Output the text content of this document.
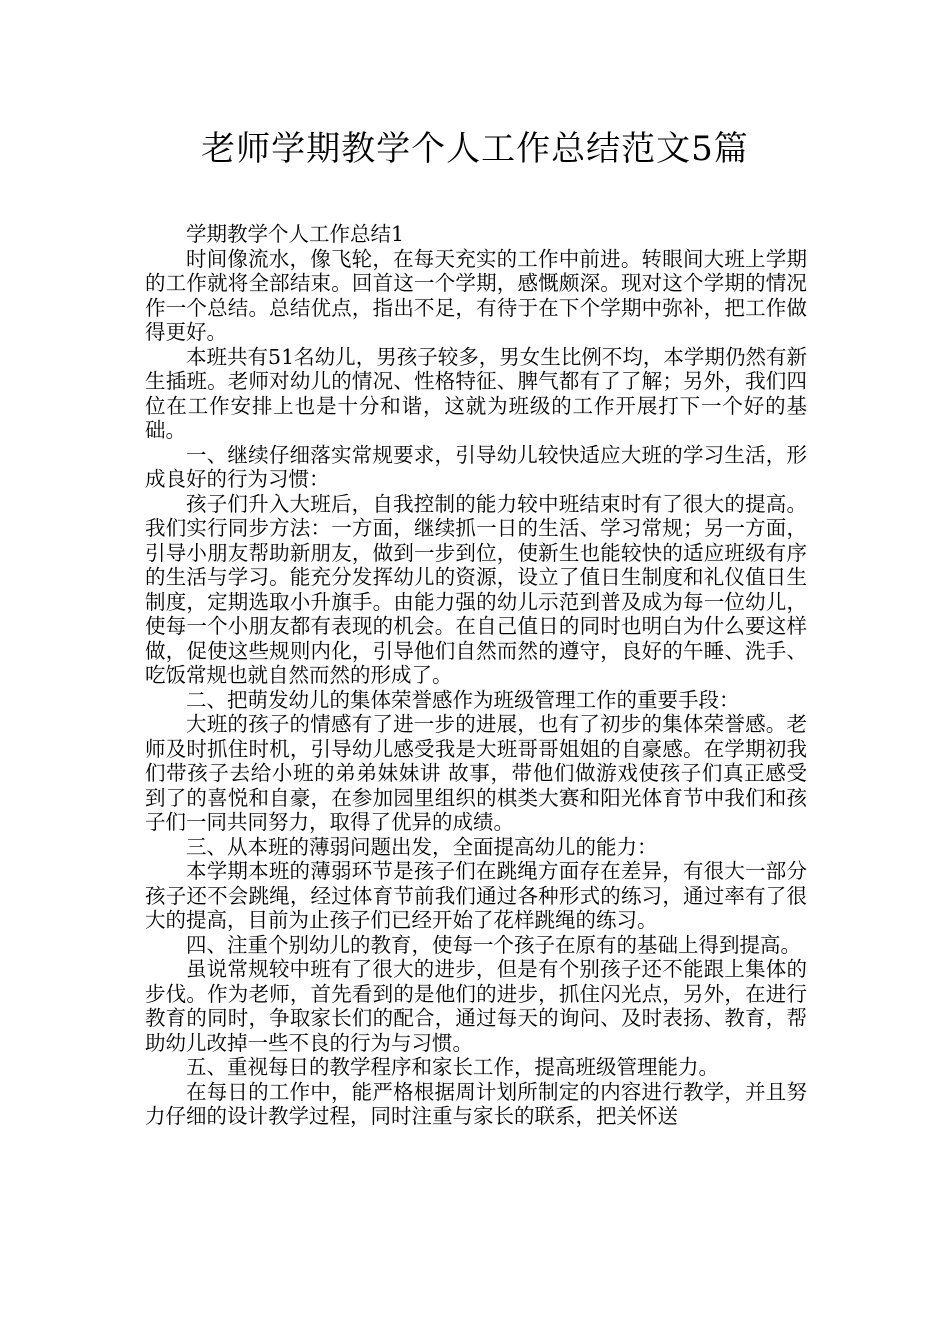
老师学期教学个人工作总结范文5篇

学期教学个人工作总结1

时间像流水，像飞轮，在每天充实的工作中前进。转眼间大班上学期的工作就将全部结束。回首这一个学期，感慨颇深。现对这个学期的情况作一个总结。总结优点，指出不足，有待于在下个学期中弥补，把工作做得更好。

本班共有51名幼儿，男孩子较多，男女生比例不均，本学期仍然有新生插班。老师对幼儿的情况、性格特征、脾气都有了了解；另外，我们四位在工作安排上也是十分和谐，这就为班级的工作开展打下一个好的基础。

一、继续仔细落实常规要求，引导幼儿较快适应大班的学习生活，形成良好的行为习惯：

孩子们升入大班后，自我控制的能力较中班结束时有了很大的提高。我们实行同步方法：一方面，继续抓一日的生活、学习常规；另一方面，引导小朋友帮助新朋友，做到一步到位，使新生也能较快的适应班级有序的生活与学习。能充分发挥幼儿的资源，设立了值日生制度和礼仪值日生制度，定期选取小升旗手。由能力强的幼儿示范到普及成为每一位幼儿，使每一个小朋友都有表现的机会。在自己值日的同时也明白为什么要这样做，促使这些规则内化，引导他们自然而然的遵守，良好的午睡、洗手、吃饭常规也就自然而然的形成了。

二、把萌发幼儿的集体荣誉感作为班级管理工作的重要手段：

大班的孩子的情感有了进一步的进展，也有了初步的集体荣誉感。老师及时抓住时机，引导幼儿感受我是大班哥哥姐姐的自豪感。在学期初我们带孩子去给小班的弟弟妹妹讲 故事，带他们做游戏使孩子们真正感受到了的喜悦和自豪，在参加园里组织的棋类大赛和阳光体育节中我们和孩子们一同共同努力，取得了优异的成绩。

三、从本班的薄弱问题出发，全面提高幼儿的能力：

本学期本班的薄弱环节是孩子们在跳绳方面存在差异，有很大一部分孩子还不会跳绳，经过体育节前我们通过各种形式的练习，通过率有了很大的提高，目前为止孩子们已经开始了花样跳绳的练习。

四、注重个别幼儿的教育，使每一个孩子在原有的基础上得到提高。

虽说常规较中班有了很大的进步，但是有个别孩子还不能跟上集体的步伐。作为老师，首先看到的是他们的进步，抓住闪光点，另外，在进行教育的同时，争取家长们的配合，通过每天的询问、及时表扬、教育，帮助幼儿改掉一些不良的行为与习惯。

五、重视每日的教学程序和家长工作，提高班级管理能力。

在每日的工作中，能严格根据周计划所制定的内容进行教学，并且努力仔细的设计教学过程，同时注重与家长的联系，把关怀送
